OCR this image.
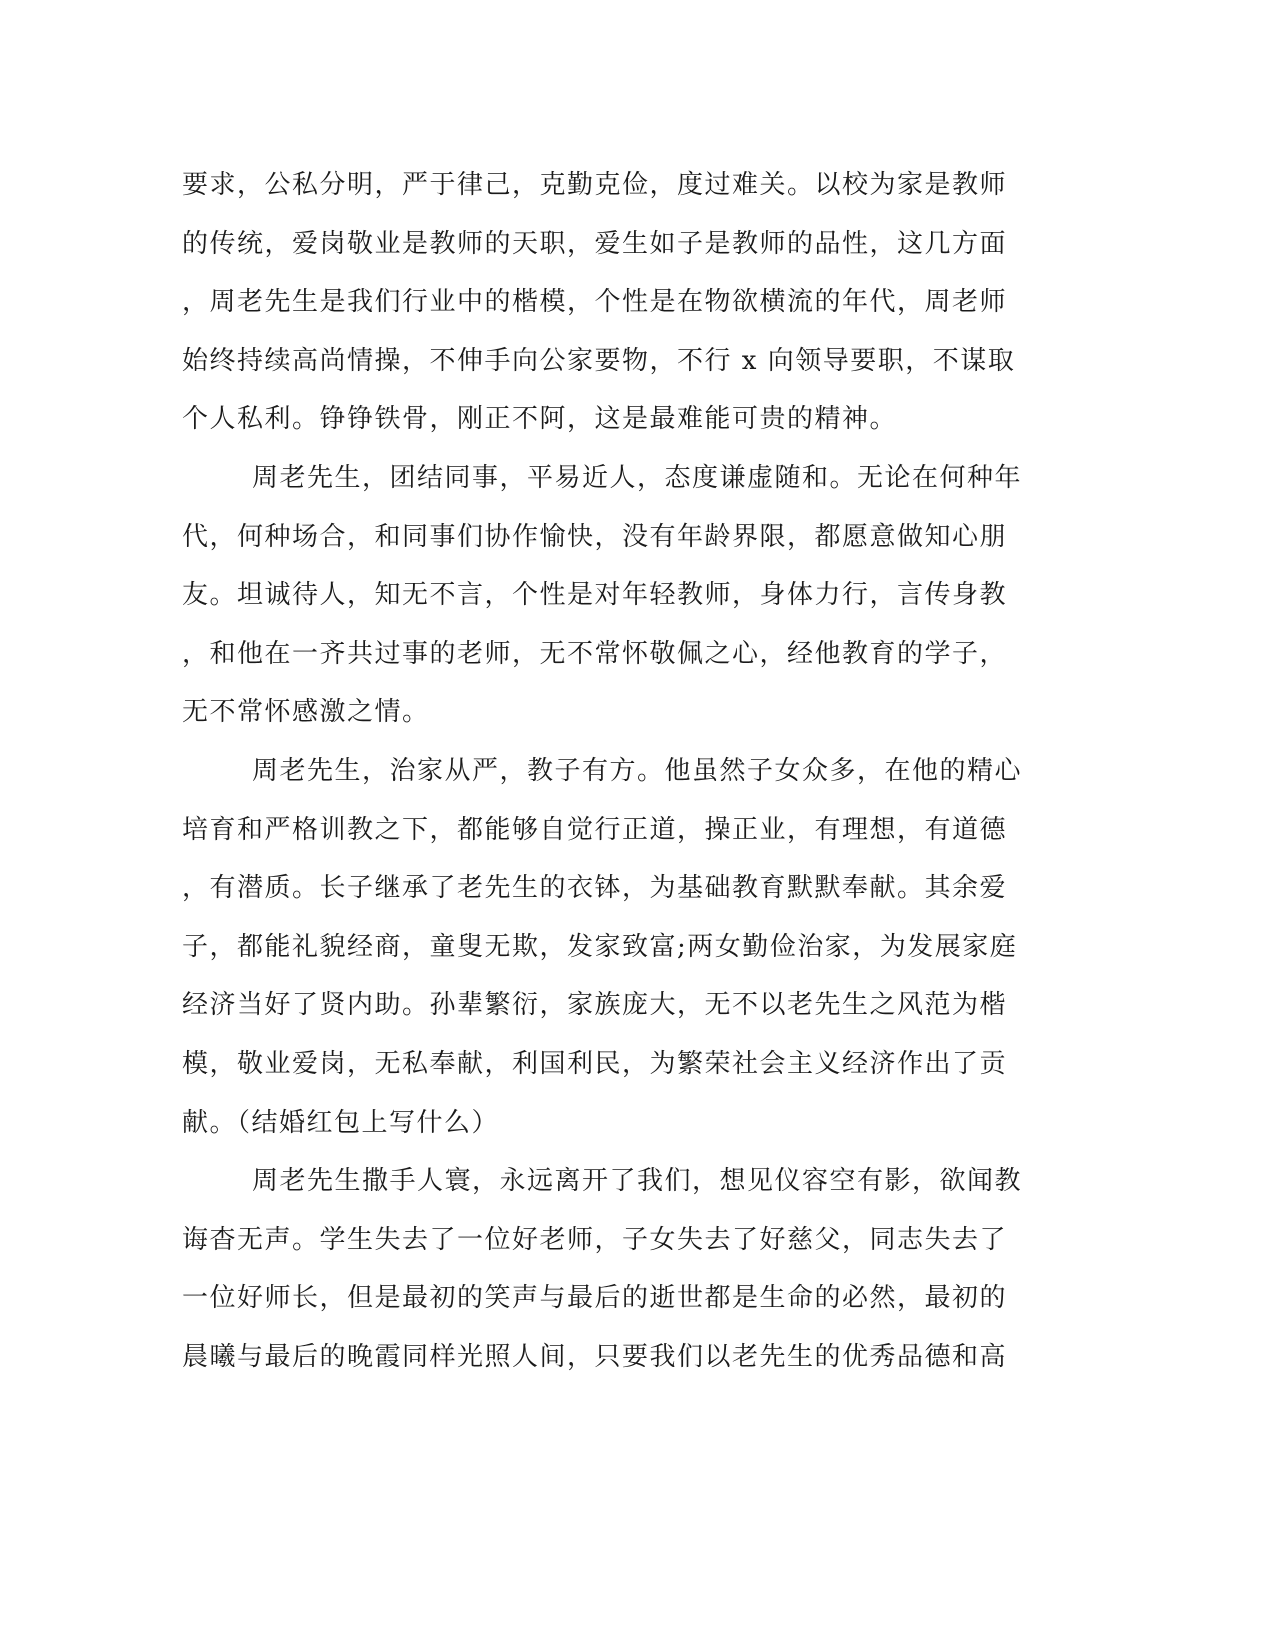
要求，公私分明，严于律己，克勤克俭，度过难关。以校为家是教师
的传统，爱岗敬业是教师的天职，爱生如子是教师的品性，这几方面
，周老先生是我们行业中的楷模，个性是在物欲横流的年代，周老师
始终持续高尚情操，不伸手向公家要物，不行 x 向领导要职，不谋取
个人私利。铮铮铁骨，刚正不阿，这是最难能可贵的精神。
周老先生，团结同事，平易近人，态度谦虚随和。无论在何种年
代，何种场合，和同事们协作愉快，没有年龄界限，都愿意做知心朋
友。坦诚待人，知无不言，个性是对年轻教师，身体力行，言传身教
，和他在一齐共过事的老师，无不常怀敬佩之心，经他教育的学子，
无不常怀感激之情。
周老先生，治家从严，教子有方。他虽然子女众多，在他的精心
培育和严格训教之下，都能够自觉行正道，操正业，有理想，有道德
，有潜质。长子继承了老先生的衣钵，为基础教育默默奉献。其余爱
子，都能礼貌经商，童叟无欺，发家致富;两女勤俭治家，为发展家庭
经济当好了贤内助。孙辈繁衍，家族庞大，无不以老先生之风范为楷
模，敬业爱岗，无私奉献，利国利民，为繁荣社会主义经济作出了贡
献。（结婚红包上写什么）
周老先生撒手人寰，永远离开了我们，想见仪容空有影，欲闻教
诲杳无声。学生失去了一位好老师，子女失去了好慈父，同志失去了
一位好师长，但是最初的笑声与最后的逝世都是生命的必然，最初的
晨曦与最后的晚霞同样光照人间，只要我们以老先生的优秀品德和高
